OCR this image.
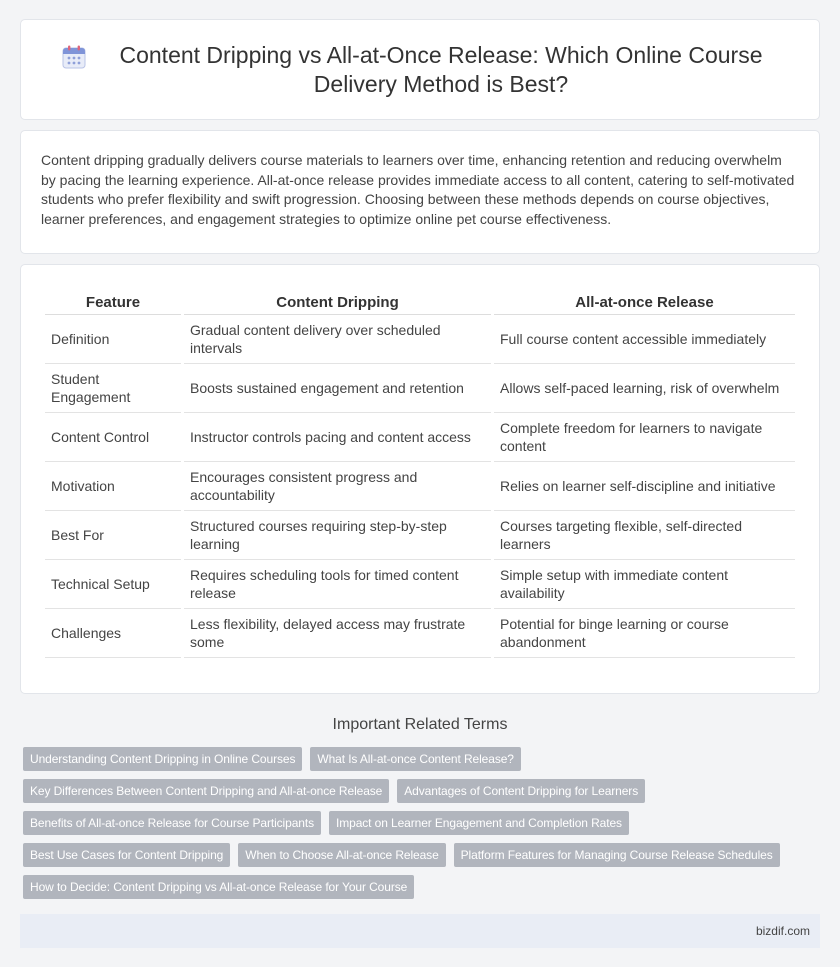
Content Dripping vs All-at-Once Release: Which Online Course Delivery Method is Best?

Content dripping gradually delivers course materials to learners over time, enhancing retention and reducing overwhelm by pacing the learning experience. All-at-once release provides immediate access to all content, catering to self-motivated students who prefer flexibility and swift progression. Choosing between these methods depends on course objectives, learner preferences, and engagement strategies to optimize online pet course effectiveness.

Feature	Content Dripping	All-at-once Release
Definition	Gradual content delivery over scheduled intervals	Full course content accessible immediately
Student Engagement	Boosts sustained engagement and retention	Allows self-paced learning, risk of overwhelm
Content Control	Instructor controls pacing and content access	Complete freedom for learners to navigate content
Motivation	Encourages consistent progress and accountability	Relies on learner self-discipline and initiative
Best For	Structured courses requiring step-by-step learning	Courses targeting flexible, self-directed learners
Technical Setup	Requires scheduling tools for timed content release	Simple setup with immediate content availability
Challenges	Less flexibility, delayed access may frustrate some	Potential for binge learning or course abandonment
Important Related Terms
Understanding Content Dripping in Online Courses	What Is All-at-once Content Release?
Key Differences Between Content Dripping and All-at-once Release	Advantages of Content Dripping for Learners
Benefits of All-at-once Release for Course Participants	Impact on Learner Engagement and Completion Rates
Best Use Cases for Content Dripping	When to Choose All-at-once Release	Platform Features for Managing Course Release Schedules
How to Decide: Content Dripping vs All-at-once Release for Your Course
bizdif.com
